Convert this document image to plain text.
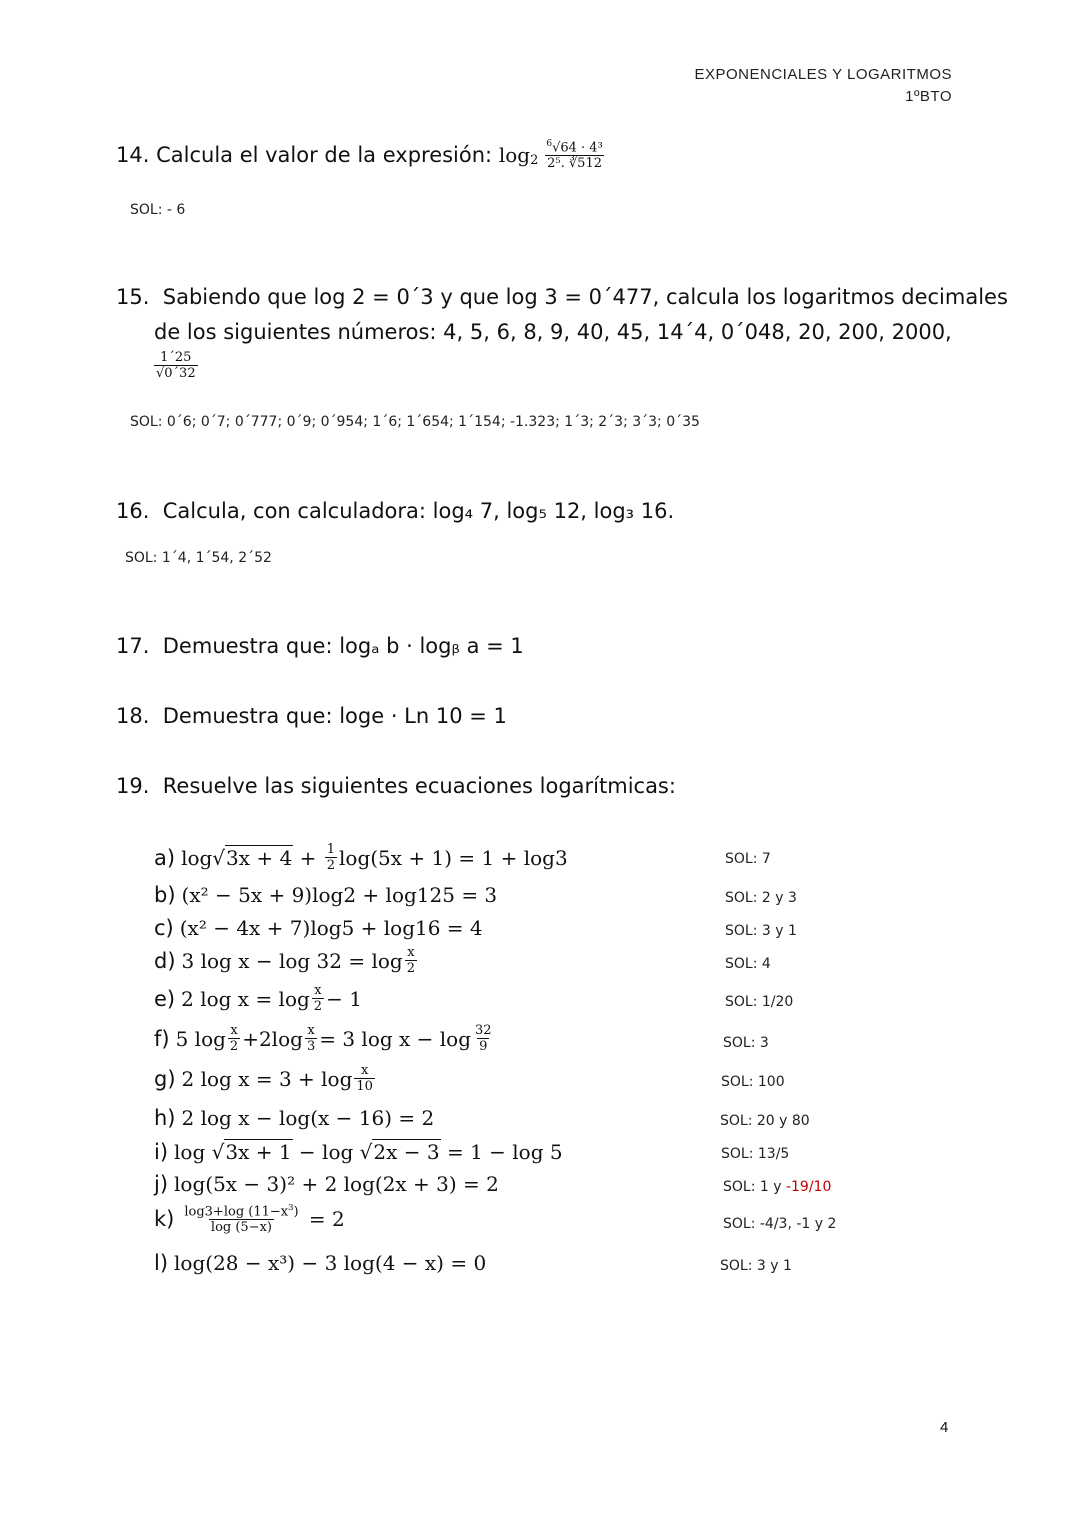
EXPONENCIALES Y LOGARITMOS
1ºBTO
14.
Calcula el valor de la expresión:
$\log_2 \frac{^6√64 \cdot 4^3}{\text{2⁵. ∛512}}$
SOL: - 6
15. Sabiendo que log 2 = 0´3 y que log 3 = 0´477, calcula los logaritmos decimales
de los siguientes números: 4, 5, 6, 8, 9, 40, 45, 14´4, 0´048, 20, 200, 2000,
$\frac{1´25}{√0´32}$
SOL: 0´6; 0´7; 0´777; 0´9; 0´954; 1´6; 1´654; 1´154; -1.323; 1´3; 2´3; 3´3; 0´35
16. Calcula, con calculadora: log₄ 7, log₅ 12, log₃ 16.
SOL: 1´4, 1´54, 2´52
17. Demuestra que: logₐ b · logᵦ a = 1
18. Demuestra que: loge · Ln 10 = 1
19. Resuelve las siguientes ecuaciones logarítmicas:
a) log√ $3x + 4 + \frac{1}{2} \log(5x + 1) = 1 + \log 3$	SOL: 7
b) (x² − 5x + 9)log2 + log125 = 3	SOL: 2 y 3
c) (x² − 4x + 7)log5 + log16 = 4	SOL: 3 y 1
d) 3 $\log x - \log 32 = \log \frac{x}{2}$	SOL: 4
e) 2 $\log x = \log \frac{x}{2} - 1$	SOL: 1/20
f) 5 $\log \frac{x}{2} +2\log \frac{x}{3} = 3$ $\log x - \log \frac{32}{9}$	SOL: 3
g) 2 $\log x = 3 + \log \frac{x}{10}$	SOL: 100
h) 2 log x − log(x − 16) = 2	SOL: 20 y 80
i) log √ 3x + 1 − log √ 2x − 3 = 1 − log 5	SOL: 13/5
j) log(5x − 3)² + 2 log(2x + 3) = 2	SOL: 1 y -19/10
$k) \frac{\log 3+\log (11-x^3)}{\log (5-x)} = 2$	SOL: -4/3, -1 y 2
l) log(28 − x³) − 3 log(4 − x) = 0	SOL: 3 y 1
4
